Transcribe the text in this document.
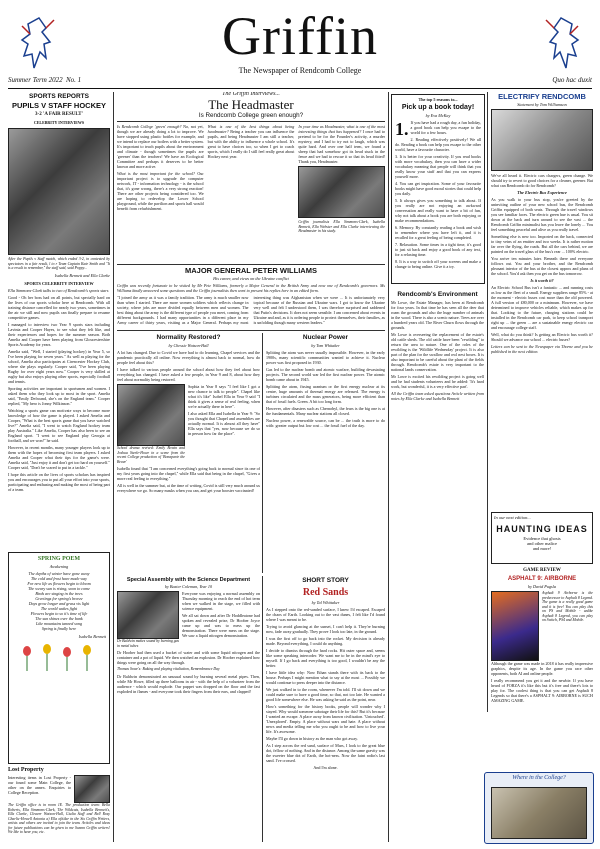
Griffin
The Newspaper of Rendcomb College
Summer Term 2022 No. 1	Quo hac duxit
SPORTS REPORTS
PUPILS V STAFF HOCKEY
3-2 'A FAIR RESULT'
CELEBRITY INTERVIEWS

After the Pupils v Staff match, which ended 3-2, in contested by spectators in a fair result, l to r Team Captain Kate Smith and "It is a result to remember," the staff said, said Poppy...

Isabella Bennett and Ella Clarke

SPORTS CELEBRITY INTERVIEW

Ella Simmons-Clark talks to two of Rendcomb's sports stars

Good - Oh her boss had on all points, but specially hard on the lives of our sports scholar here at Rendcomb. With all training distance cancelled for nearly two years, sometimes in the air we still and now pupils can finally prepare to resume competitive games.

I managed to interview two Year 9 sports stars including Lavinia and Cooper Hayes, to see what they felt like, and their experiences and hopes for the summer season. Both Amelia and Cooper have been playing from Gloucestershire Sports Academy for years.

Amelia said, "Well, I started (playing hockey) in Year 5, so I've been playing for seven years." As well as playing for the school, Amelia also participates at Cirencester Hockey Club, where she plays regularly. Cooper said, "I've been playing Rugby for over eight years now." Cooper is very skilled at rugby but also enjoys playing other sports, especially football and tennis.

Sporting activities are important to sportsmen and women. I asked them who they look up to most in the sport. Amelia said, "Emily Defroand, she's on the England team." Cooper replied, "My hero is Jonny Wilkinson."

Watching a sports game can motivate ways to become more knowledge of how the game is played. I asked Amelia and Cooper, "What is the best sports game that you have watched live?" Amelia said, "I went to watch England hockey team play Australia." Like Amelia, Cooper has also been to see an England sport. "I went to see England play Georgia at football, and we won!" he said.

However, in recent months, many younger players look up to them with the hopes of becoming first team players. I asked Amelia and Cooper what their tips for the game's were. Amelia said, "Just enjoy it and don't get too hard on yourself." Cooper said, "Don't be scared to put in a tackle."

I hope this article on the lives of sports scholars has inspired you and encourages you to put all your effort into your sports, participating and enthusing and making the most of being part of a team.

SPRING POEM
Awakening
The depths of winter have gone away
The cold and frost have made way
For new life as flowers begin to bloom
The weary sun is rising, soon to come
Birds are singing in the trees
Greetings for spring's breeze
Days grow longer and grass vis light
The world wakes fight
Flowers begin to so it's time of life
The sun shines over the bank
Like mountains tanned song
Spring is finally here

Isabella Bennett

Lost Property

Interesting items in Lost Property - our found some Main College, the other on the annex. Enquiries to College Reception.

The Griffin office is in room 1E. The production team: Bella Roberts, Ella Simmons-Clark, The Wildcats, Isabella Bennett's, Ella Clarke, Cleaver Watson-Hall, Giulia Staff and Bell Rosy Charlic-Howell Antonia a) Ella ofitilar in the Six Griffin Writers, artists and others are invited to join the team. Articles and ideas for future publications can be given to me Swann Griffin writers! We like to have you, etc.

The Griffin Interviews...
The Headmaster
Is Rendcomb College green enough?

Is Rendcomb College 'green' enough? No, not yet, though we are already doing a lot to improve. We have stopped using plastic bottles for example, and we intend to replace our boilers with a better system. It's important to teach pupils about the environment and climate - though sometimes the pupils are 'greener' than the teachers! We have an Ecological Committee and perhaps it deserves to be better known and more active.

What is the most important for the school? Our important project is to upgrade the computer network, IT - information technology - is the school that, it's gone wrong, there's a very strong reaction! There are other projects being considered too. We are hoping to redevelop the Lower School playground, while the pavilion and sports hall would benefit from refurbishment.

What is one of the best things about being headmaster? Being a teacher you can influence the pupils, and being Headmaster I am still a teacher, but with the ability to influence a whole school. It's great to have choices too, so when I get to coach sports, which I really do I still feel really great about Hockey next year.

In your time as Headmaster, what is one of the most interesting things that has happened? I once had to pretend to be for the Founder's activity, a murder mystery, and I had to try not to laugh, which was quite hard. And over one half term, we found a sheep that had somehow got its head stuck in the fence and we had to rescue it so that its head fitted! Thank you, Headmaster.

Griffin journalists Ella Simmons-Clark, Isabella Bennett, Ella Webster and Ella Clarke interviewing the Headmaster in his study.

MAJOR GENERAL PETER WILLIAMS
His career, and views on the Ukraine conflict

Griffin was recently fortunate to be visited by Mr Pete Williams, formerly a Major General in the British Army and now one of Rendcomb's governors. Ms Williams kindly answered some questions and the Griffin journalists then went to present his replies here in an edited form.

"I joined the army as it was a family tradition. The army is much smaller now than when I started. There are more women soldiers which reflects change in society, where jobs are more divided equally between men and women. The best thing about the army is the different type of people you meet, coming from different backgrounds. I had many opportunities in a different place in my Army career of thirty years, visiting as a Major General. Perhaps my most interesting thing was Afghanistan when we were ... It is unfortunately very topical because of the Russian and Ukraine wars. I got to know the Ukraine very well and felt I understood them, I was therefore surprised and saddened that Putin's decisions. It does not seem sensible. I am concerned about events in Ukraine and and, as it is ordering people to protect themselves, their families, as is unfolding though many western leaders."

Normality Restored?
by Chessie Watson-Hall

A lot has changed. Due to Covid we have had to do learning, Chapel services and the pandemic practically all online. Now everything is almost back to normal, how do people feel about this?

I have talked to various people around the school about how they feel about how everything has changed. I have asked a few people, in Year 9 and 8, about how they feel about normality being restored.

School drama revived: Emily Bowin and Joshua Steele-Howe in a scene from the recent College production of 'Bonaparte the Brave'

Sophia in Year 8 says "I feel like I got a new chance to talk to people". Chapel like what it's like" Isobel Ella in Year 9 said "I think it gives a sense of real feeling, when we're actually there in here".

I also asked Ella and Isabella in Year 9: "So you thought that Chapel and assemblies are actually normal. It is almost all they have" Ella says that "yes, now because we do so in person how far the place".

Isabella found that "I am concerned everything's going back to normal since its one of my first years going into the chapel," while Ella said that being in the chapel, "Gives a more real feeling to everything."

All is well in the summer but, at the time of writing, Covid is still very much around us everywhere we go. So many masks when you can, and get your booster vaccinated!

Nuclear Power
by Tom Whitaker

Splitting the atom was never usually impossible. However, in the early 1900s, many scientific communities wanted to achieve it. Nuclear power was first proposed in 1930.

Gas led to the nuclear bomb and atomic warfare, building devastating projects. The second world war led the first nuclear power. The atomic bomb came about in 1945.

Splitting the atom, fissing uranium or the first energy nuclear at its centre, huge amounts of thermal energy are released. The energy is turbines circulated and the mass generators, being more efficient than that of fossil fuels. Green. A bit too long form.

However, after disasters such as Chernobyl, the fears is the big one is at the fundamentals. Many nuclear stations all closed.

Nuclear power, a renewable source, can be ... the truth is more to do with: greater output but low cost ... the fossil fuel of the day.

Special Assembly with the Science Department
by Baxter Coleman, Year 10

Dr Baldwin makes sound by burning gas in metal tubes

Everyone was enjoying a normal assembly on Thursday morning to reach the end of hot term when we walked in the stage, we filled with science equipment.

We all sat down and after Dr Hoddleatone had spoken and revealed prize, Dr Hoober Joyce came up and was to mess up the demonstration. There were mess on the stage. We saw a liquid nitrogen demonstration.

Dr Hoober had then used a bucket of water and with some liquid nitrogen and the container and a pot of liquid. We then watched an explosion. Dr Hoober explained how things were going on all the way through.

Thomas Sowe's: Baking and playing vitaliation, Remembrance Day

Dr Baldwin demonstrated an unusual sound by burning several metal pipes. Then, while Mr Howe, filled up three balloons in air - with the help of a volunteer from the audience - which would explode. Our puppet was dropped on the floor and the fast exploded in flames - and everyone took their fingers from their ears, and clapped!

SHORT STORY
Red Sands
by Tal Whittaker

As I stepped onto the red-sanded surface, I knew I'd escaped. Escaped the chaos of Earth. Looking out to the vast dunes, I felt like I'd found where I was meant to be.

Trying to avoid glancing at the sunset, I can't help it. They're burning now, fade away gradually. They prove I look too late, in the ground.

I was the first off to go back into the rocket. My decision is already made. Beyond everything, I could do anything.

I decide to dismiss through the hard rocks. Hit outer space and, seems like some speaking intercoder. We want me to be in the mind's eye to myself. If I go back and everything is too good, I wouldn't be any the better.

I have little idea why: Now Ethan stands there with its back to the house. Perhaps I might mention what to say at the most ... Possibly we would continue to press deeper into the distance.

We just walked in to the room, whenever I'm told. I'll sit down and we could make sure to have a good time, so that, not too late. He wanted a good life somewhere else. He was asking he said as the point, near.

How's something for the history books, people will wonder why I stayed. Why would someone sabotage their life for this? But it's because I wanted an escape. A place away from known civilisation. 'Untouched'. 'Unexplored'. Empty. A place without wars and hate. A place without news and media telling me who you ought to be and how to live your life. It's awesome.

Maybe I'll go down in history as the man who got away.

As I step across the red sand, surface of Mars, I look to the great blue dot, fellow of nothing. And in the distance. Among the same gravity was the sweeter blue dot of Earth, the hot-ness. Now the faint rodin's last sand. I've crossed.

And I'm alone.

The top 5 reasons to...
Pick up a book today!
by Eva McKay

1. If you have had a rough day, a fun holiday, a good book can help you escape to the world for a few hours.

2. Reading effectively positively! We all do. Reading a book can help you escape to the other world, have a favourite character.

3. It is better for your creativity. If you read books with more vocabulary, then you can have a wider vocabulary meaning that people will think that you really know your stuff and that you can express yourself more.

4. You can get inspiration. Some of your favourite books might have good moral stories that could help you daily.

5. It always gives you something to talk about. If you really are not enjoying an awkward conversation and really want to have a bit of fun, why not talk about a book you are both enjoying or make recommendations.

6. Memory. By constantly reading a book and wish to remember where you have left it, and it is recalled for a great feeling of being completed.

7. Relaxation. Some times in a tight time, it's good to just sit back and enjoy a good book of any text, for a relaxing time.

8. It is a way to switch off your screens and make a change to being online. Give it a try.

Rendcomb's Environment

Mr Lowe, the Estate Manager, has been at Rendcomb for four years. In that time he has seen all the deer that roam the grounds and also the huge number of animals in the wood. There is also a scenic nature. Trees are over a hundred years old. The River Churn flows through the grounds.

Mr Lowe is overseeing the replacement of the estate's old cattle sheds. The old cattle have been "rewilding" to return the area to nature. One of the roles of the rewilding is the 'Wildlife Wednesday' project. It is also part of the plan for the swallow and owl nest boxes. It is also important to be careful about the plant of the fields through. Rendcomb's estate is very important to the national lands conservation.

Mr Lowe is excited his rewilding project is going well and he had students volunteers and he added: 'It's hard work, but wonderful, it is a very effective part'.

All the Griffin team asked questions Article written from notes by Ella Clarke and Isabella Bennett

ELECTRIFY RENDCOMB
Statement by Tom Williamson

We've all heard it. Electric cars chargers, green change. We should try to revert to good choices for a cleaner, greener. But what can Rendcomb do for Rendcomb?

The Electric Bus Experience

As you walk to your bus stop, you're greeted by the uninviting outline of your new school bus, the Rendcomb Griffin equipped of both seats. Through the travel windows you see familiar faces. The electric green hue is usual. You sit down at the back and turn around to see the vast ... the Rendcomb Griffin minimalist has you leave the lonely ... You feel something peaceful and alive as you really travel.

Something else is new too. Imported on the back, connected to tiny veins of an emitter and two weeks. It is rather motion far over the flying, the roads. But all the cars behind, we are painted on the travel glass of the bus's rear ... 100% electric.

You arrive ten minutes later. Beneath there and everyone follows out. You and your brother, and the Rendcomb pleasant interior of the bus at the closest approx and plans of the school. You'd ask then you get on the bus tomorrow.

Is it worth it?

An Electric School Bus isn't a fantastic ... and running costs as low as the fleet of a small. Energy suppliers range 85% - at the moment - electric buses cost more than the old powered. A full version of £80,000 or a minimum. However, we have determined to improve vehicles reliable, which makes up for that. Looking to the future, charging stations could be installed in the Rendcomb car park, to keep school transport right up ... the green ... are a sustainable energy electric car and encourage college staff.

Well, what do you think? Is getting an Electric bus worth it? Should we advance our school ... electric buses?

Letters can be sent to the Newspaper via Thorne and you be published in the next edition.

In our next edition...
HAUNTING IDEAS
Evidence that ghosts
and other malice
and more!
GAME REVIEW
ASPHALT 9: AIRBORNE
by David Pugsla

Asphalt 9 Airborne is the predecessor to Asphalt 8 Legend. The game is a really good game and it is free! You can play this on PS and Mobile - unlike Asphalt 8 Legend, you can play on Switch, PS4 and Mobile.

Although the game was made in 2018 it has really impressive graphics, despite its age. In the game you race other opponents, both AI and online people.

I really recommend you get it and the newbie. If you have heard of FORZA it's like this but it's free and there's lots to play for. The coolest thing is that you can get Asphalt 8 Legends so that there's a ASPHALT 9: AIRBORNE is SUCH AMAZING GAME.

Where in the College?
